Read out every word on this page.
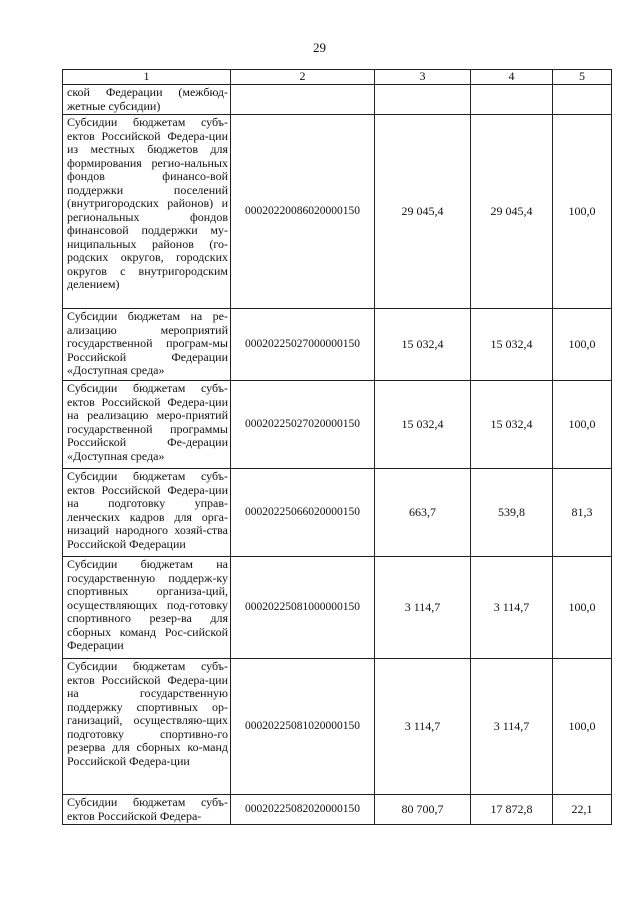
29
1	2	3	4	5
ской Федерации (межбюд-жетные субсидии)				
Субсидии бюджетам субъ-ектов Российской Федера-ции из местных бюджетов для формирования регио-нальных фондов финансо-вой поддержки поселений (внутригородских районов) и региональных фондов финансовой поддержки му-ниципальных районов (го-родских округов, городских округов с внутригородским делением)	00020220086020000150	29 045,4	29 045,4	100,0
Субсидии бюджетам на ре-ализацию мероприятий государственной програм-мы Российской Федерации «Доступная среда»	00020225027000000150	15 032,4	15 032,4	100,0
Субсидии бюджетам субъ-ектов Российской Федера-ции на реализацию меро-приятий государственной программы Российской Фе-дерации «Доступная среда»	00020225027020000150	15 032,4	15 032,4	100,0
Субсидии бюджетам субъ-ектов Российской Федера-ции на подготовку управ-ленческих кадров для орга-низаций народного хозяй-ства Российской Федерации	00020225066020000150	663,7	539,8	81,3
Субсидии бюджетам на государственную поддерж-ку спортивных организа-ций, осуществляющих под-готовку спортивного резер-ва для сборных команд Рос-сийской Федерации	00020225081000000150	3 114,7	3 114,7	100,0
Субсидии бюджетам субъ-ектов Российской Федера-ции на государственную поддержку спортивных ор-ганизаций, осуществляю-щих подготовку спортивно-го резерва для сборных ко-манд Российской Федера-ции	00020225081020000150	3 114,7	3 114,7	100,0
Субсидии бюджетам субъ-ектов Российской Федера-	00020225082020000150	80 700,7	17 872,8	22,1
